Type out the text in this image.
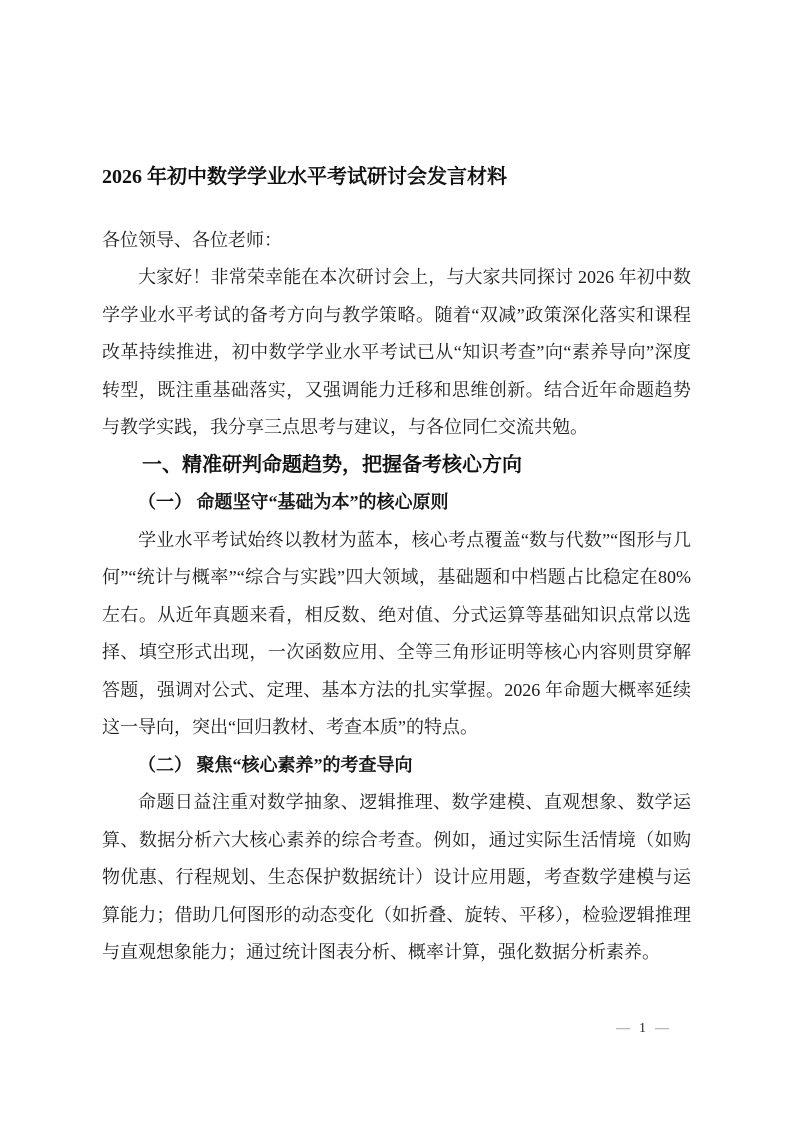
2026 年初中数学学业水平考试研讨会发言材料

各位领导、各位老师：

大家好！非常荣幸能在本次研讨会上，与大家共同探讨 2026 年初中数学学业水平考试的备考方向与教学策略。随着“双减”政策深化落实和课程改革持续推进，初中数学学业水平考试已从“知识考查”向“素养导向”深度转型，既注重基础落实，又强调能力迁移和思维创新。结合近年命题趋势与教学实践，我分享三点思考与建议，与各位同仁交流共勉。

一、精准研判命题趋势，把握备考核心方向
（一） 命题坚守“基础为本”的核心原则

学业水平考试始终以教材为蓝本，核心考点覆盖“数与代数”“图形与几何”“统计与概率”“综合与实践”四大领域，基础题和中档题占比稳定在80%左右。从近年真题来看，相反数、绝对值、分式运算等基础知识点常以选择、填空形式出现，一次函数应用、全等三角形证明等核心内容则贯穿解答题，强调对公式、定理、基本方法的扎实掌握。2026 年命题大概率延续这一导向，突出“回归教材、考查本质”的特点。

（二） 聚焦“核心素养”的考查导向

命题日益注重对数学抽象、逻辑推理、数学建模、直观想象、数学运算、数据分析六大核心素养的综合考查。例如，通过实际生活情境（如购物优惠、行程规划、生态保护数据统计）设计应用题，考查数学建模与运算能力；借助几何图形的动态变化（如折叠、旋转、平移），检验逻辑推理与直观想象能力；通过统计图表分析、概率计算，强化数据分析素养。

— 1 —
